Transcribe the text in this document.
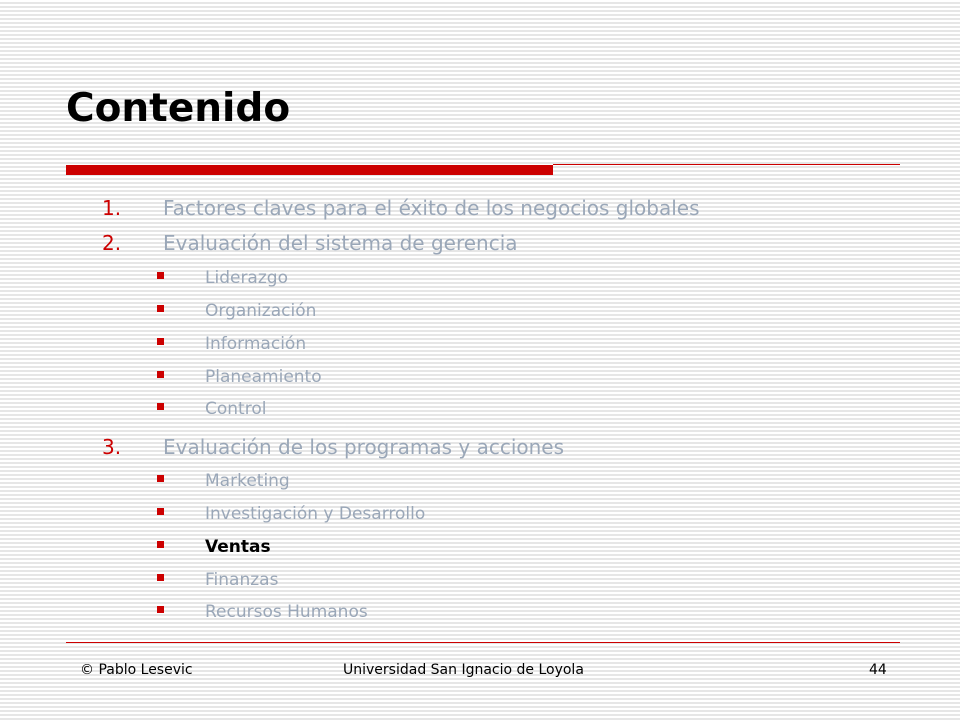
Contenido
1. Factores claves para el éxito de los negocios globales
2. Evaluación del sistema de gerencia
Liderazgo
Organización
Información
Planeamiento
Control
3. Evaluación de los programas y acciones
Marketing
Investigación y Desarrollo
Ventas
Finanzas
Recursos Humanos
© Pablo Lesevic	Universidad San Ignacio de Loyola	44
